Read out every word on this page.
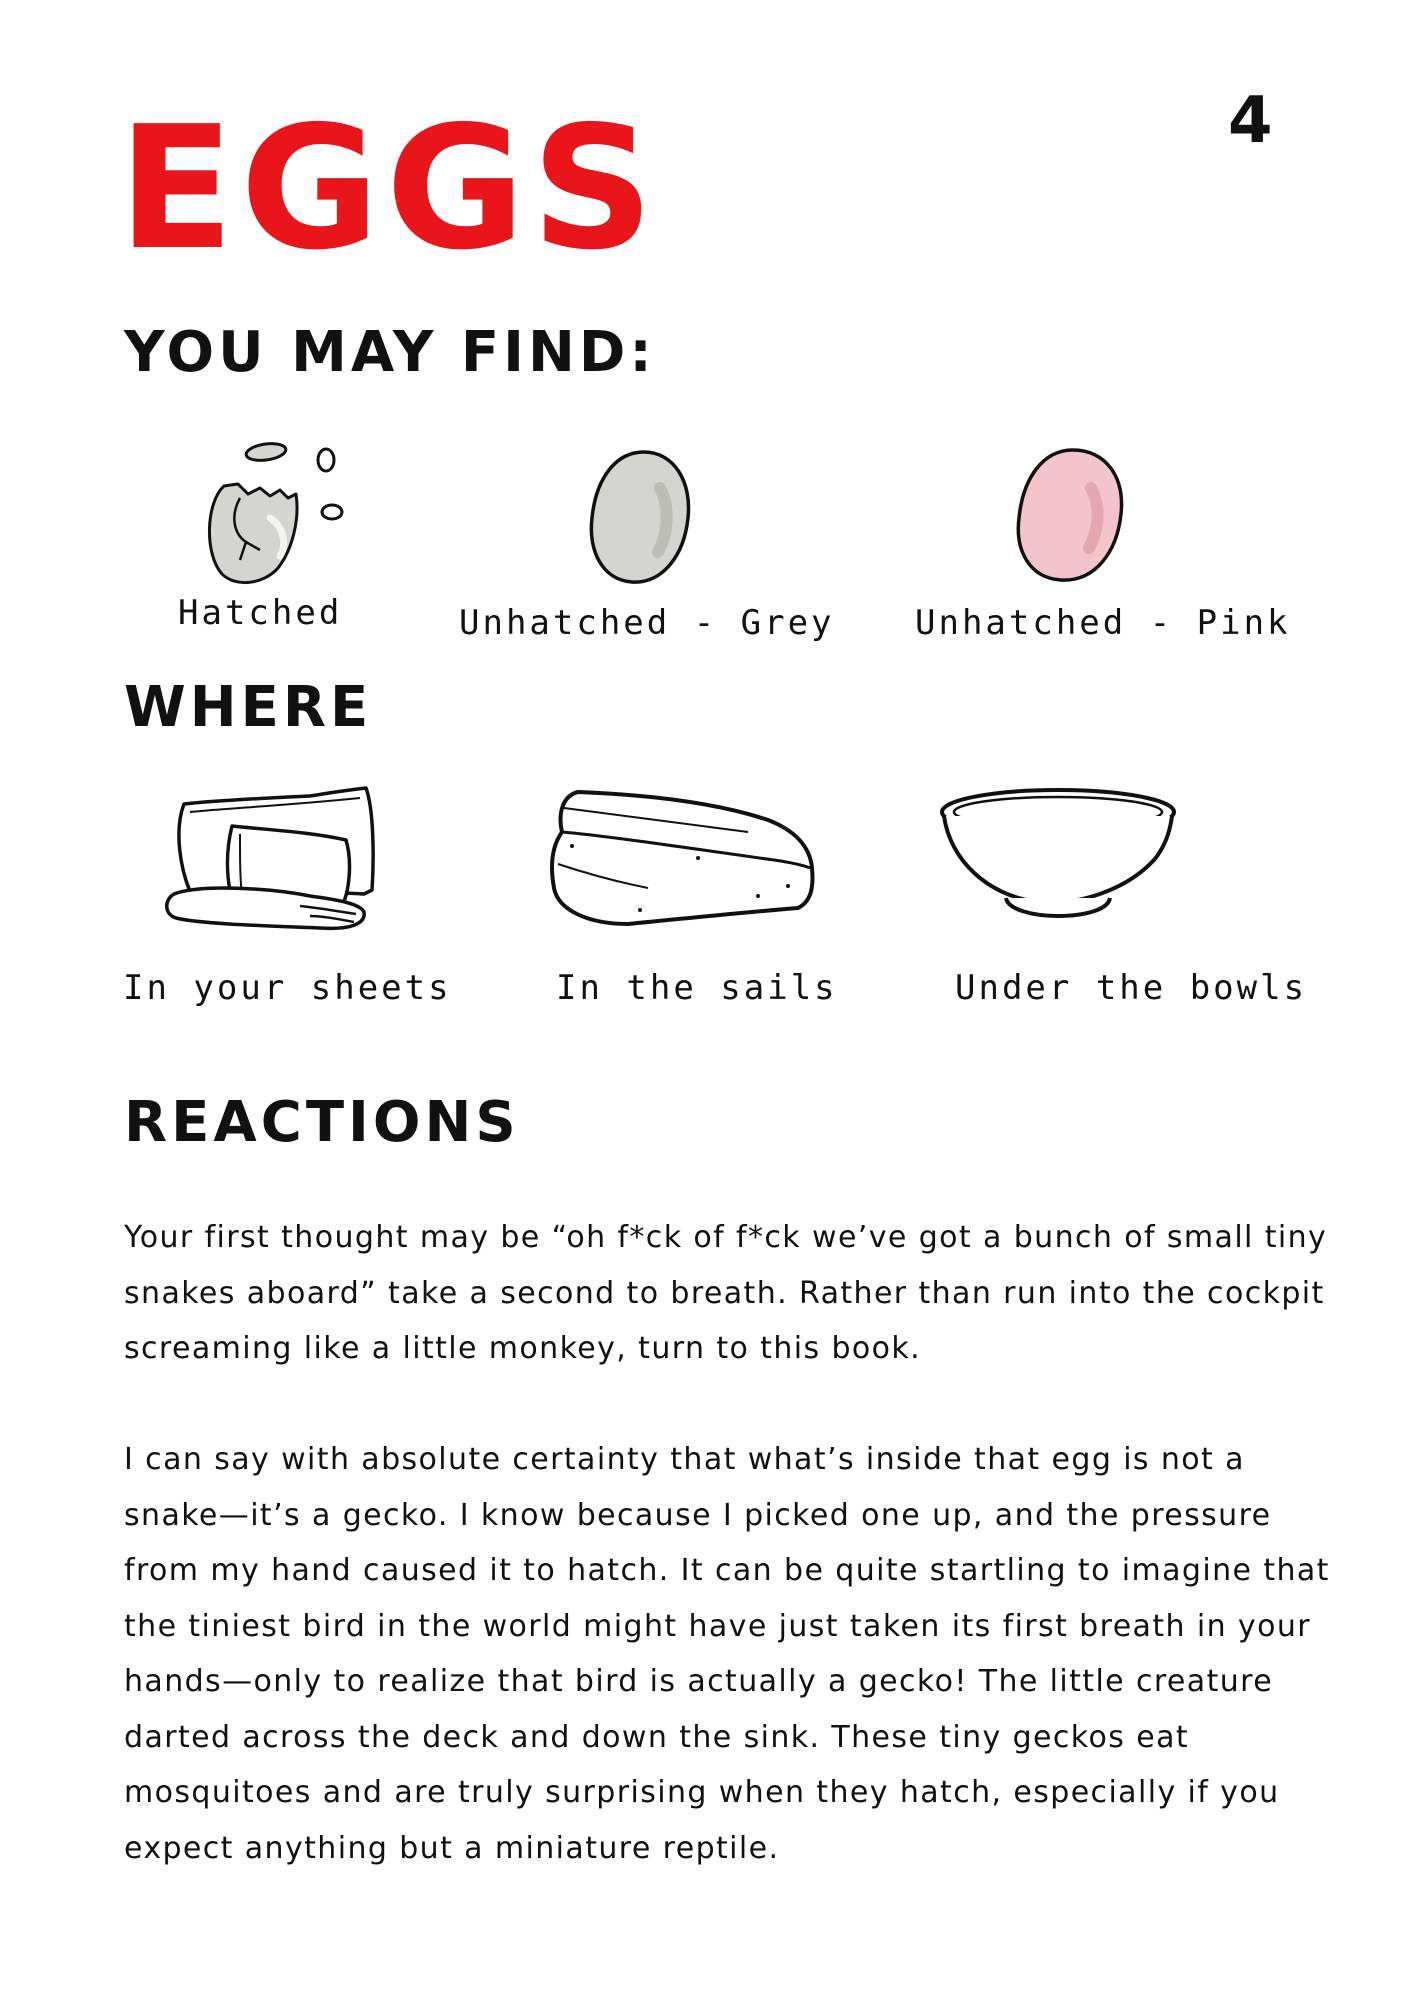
4
EGGS
YOU MAY FIND:
Hatched	Unhatched - Grey Unhatched - Pink
WHERE
In your sheets	In the sails	Under the bowls
REACTIONS

Your first thought may be “oh f*ck of f*ck we’ve got a bunch of small tiny snakes aboard” take a second to breath. Rather than run into the cockpit screaming like a little monkey, turn to this book.

I can say with absolute certainty that what’s inside that egg is not a snake—it’s a gecko. I know because I picked one up, and the pressure from my hand caused it to hatch. It can be quite startling to imagine that the tiniest bird in the world might have just taken its first breath in your hands—only to realize that bird is actually a gecko! The little creature darted across the deck and down the sink. These tiny geckos eat mosquitoes and are truly surprising when they hatch, especially if you expect anything but a miniature reptile.
